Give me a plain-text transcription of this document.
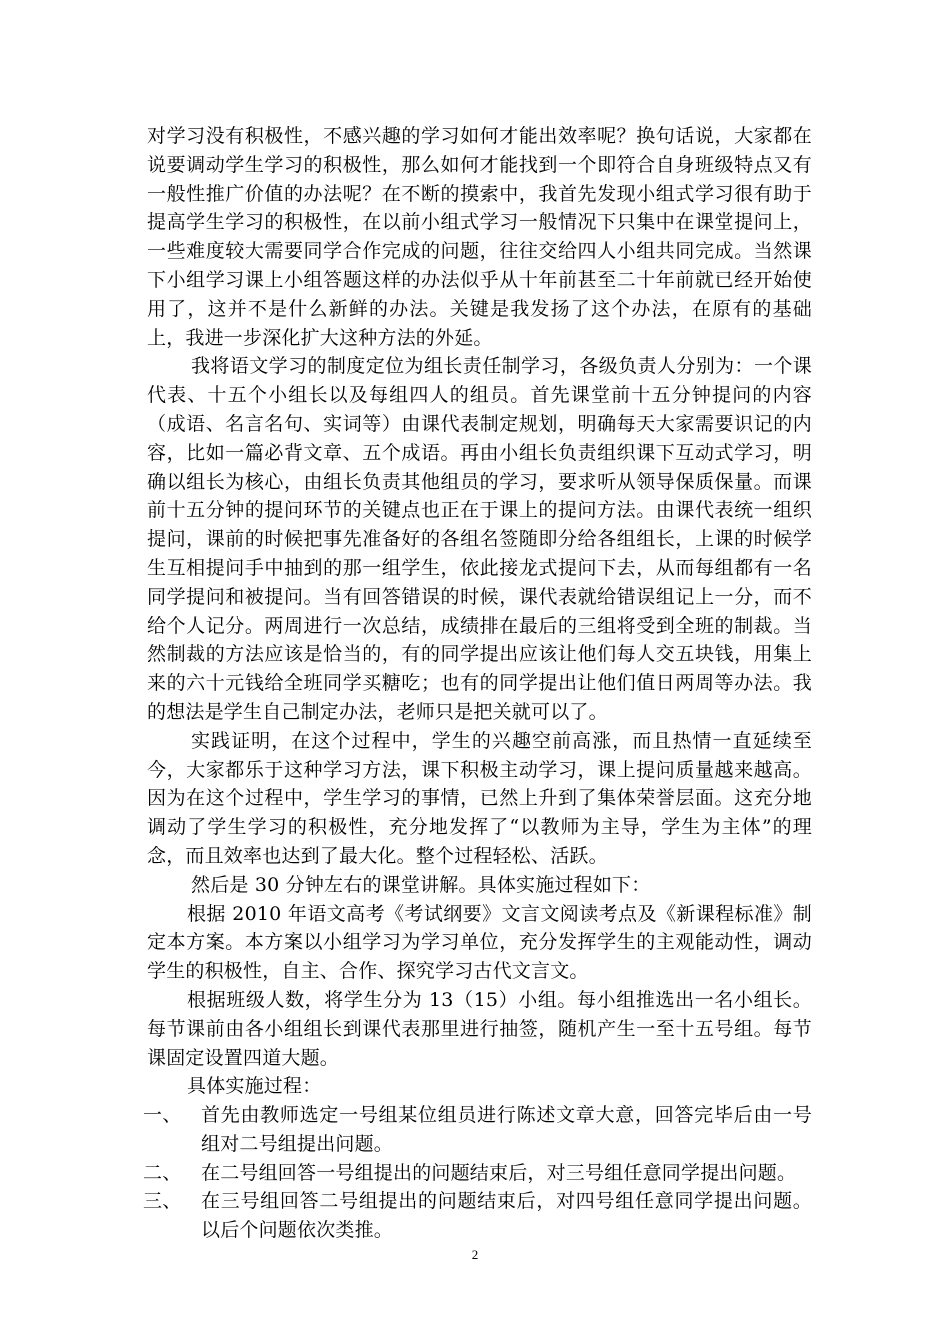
对学习没有积极性，不感兴趣的学习如何才能出效率呢？换句话说，大家都在说要调动学生学习的积极性，那么如何才能找到一个即符合自身班级特点又有一般性推广价值的办法呢？在不断的摸索中，我首先发现小组式学习很有助于提高学生学习的积极性，在以前小组式学习一般情况下只集中在课堂提问上，一些难度较大需要同学合作完成的问题，往往交给四人小组共同完成。当然课下小组学习课上小组答题这样的办法似乎从十年前甚至二十年前就已经开始使用了，这并不是什么新鲜的办法。关键是我发扬了这个办法，在原有的基础上，我进一步深化扩大这种方法的外延。

我将语文学习的制度定位为组长责任制学习，各级负责人分别为：一个课代表、十五个小组长以及每组四人的组员。首先课堂前十五分钟提问的内容（成语、名言名句、实词等）由课代表制定规划，明确每天大家需要识记的内容，比如一篇必背文章、五个成语。再由小组长负责组织课下互动式学习，明确以组长为核心，由组长负责其他组员的学习，要求听从领导保质保量。而课前十五分钟的提问环节的关键点也正在于课上的提问方法。由课代表统一组织提问，课前的时候把事先准备好的各组名签随即分给各组组长，上课的时候学生互相提问手中抽到的那一组学生，依此接龙式提问下去，从而每组都有一名同学提问和被提问。当有回答错误的时候，课代表就给错误组记上一分，而不给个人记分。两周进行一次总结，成绩排在最后的三组将受到全班的制裁。当然制裁的方法应该是恰当的，有的同学提出应该让他们每人交五块钱，用集上来的六十元钱给全班同学买糖吃；也有的同学提出让他们值日两周等办法。我的想法是学生自己制定办法，老师只是把关就可以了。

实践证明，在这个过程中，学生的兴趣空前高涨，而且热情一直延续至今，大家都乐于这种学习方法，课下积极主动学习，课上提问质量越来越高。因为在这个过程中，学生学习的事情，已然上升到了集体荣誉层面。这充分地调动了学生学习的积极性，充分地发挥了“以教师为主导，学生为主体”的理念，而且效率也达到了最大化。整个过程轻松、活跃。

然后是 30 分钟左右的课堂讲解。具体实施过程如下：

根据 2010 年语文高考《考试纲要》文言文阅读考点及《新课程标准》制定本方案。本方案以小组学习为学习单位，充分发挥学生的主观能动性，调动学生的积极性，自主、合作、探究学习古代文言文。

根据班级人数，将学生分为 13（15）小组。每小组推选出一名小组长。每节课前由各小组组长到课代表那里进行抽签，随机产生一至十五号组。每节课固定设置四道大题。

具体实施过程：

一、 首先由教师选定一号组某位组员进行陈述文章大意，回答完毕后由一号组对二号组提出问题。
二、 在二号组回答一号组提出的问题结束后，对三号组任意同学提出问题。
三、 在三号组回答二号组提出的问题结束后，对四号组任意同学提出问题。以后个问题依次类推。
2
